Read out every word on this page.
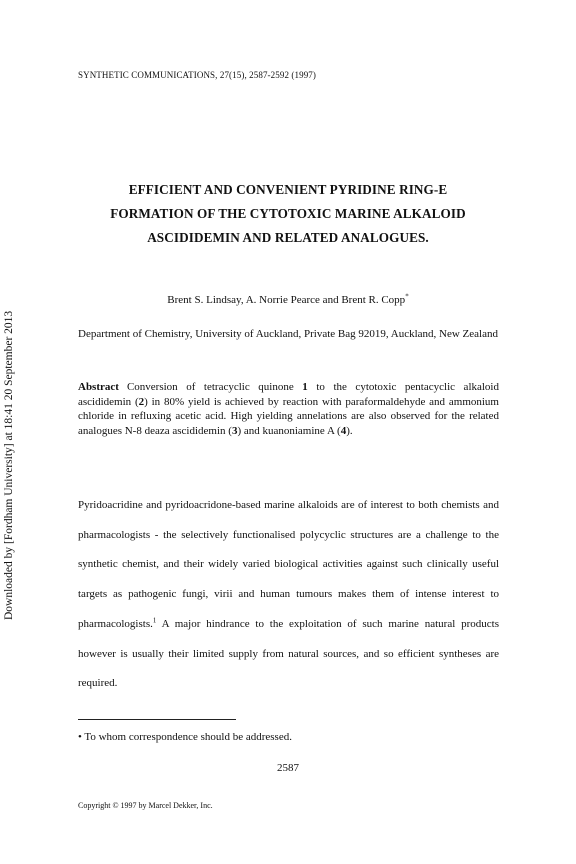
Downloaded by [Fordham University] at 18:41 20 September 2013
SYNTHETIC COMMUNICATIONS, 27(15), 2587-2592 (1997)
EFFICIENT AND CONVENIENT PYRIDINE RING-E
FORMATION OF THE CYTOTOXIC MARINE ALKALOID
ASCIDIDEMIN AND RELATED ANALOGUES.
Brent S. Lindsay, A. Norrie Pearce and Brent R. Copp*
Department of Chemistry, University of Auckland, Private Bag 92019, Auckland, New Zealand
Abstract Conversion of tetracyclic quinone 1 to the cytotoxic pentacyclic alkaloid ascididemin (2) in 80% yield is achieved by reaction with paraformaldehyde and ammonium chloride in refluxing acetic acid. High yielding annelations are also observed for the related analogues N-8 deaza ascididemin (3) and kuanoniamine A (4).

Pyridoacridine and pyridoacridone-based marine alkaloids are of interest to both chemists and pharmacologists - the selectively functionalised polycyclic structures are a challenge to the synthetic chemist, and their widely varied biological activities against such clinically useful targets as pathogenic fungi, virii and human tumours makes them of intense interest to pharmacologists.$^1$ A major hindrance to the exploitation of such marine natural products however is usually their limited supply from natural sources, and so efficient syntheses are required.

• To whom correspondence should be addressed.
2587
Copyright © 1997 by Marcel Dekker, Inc.
